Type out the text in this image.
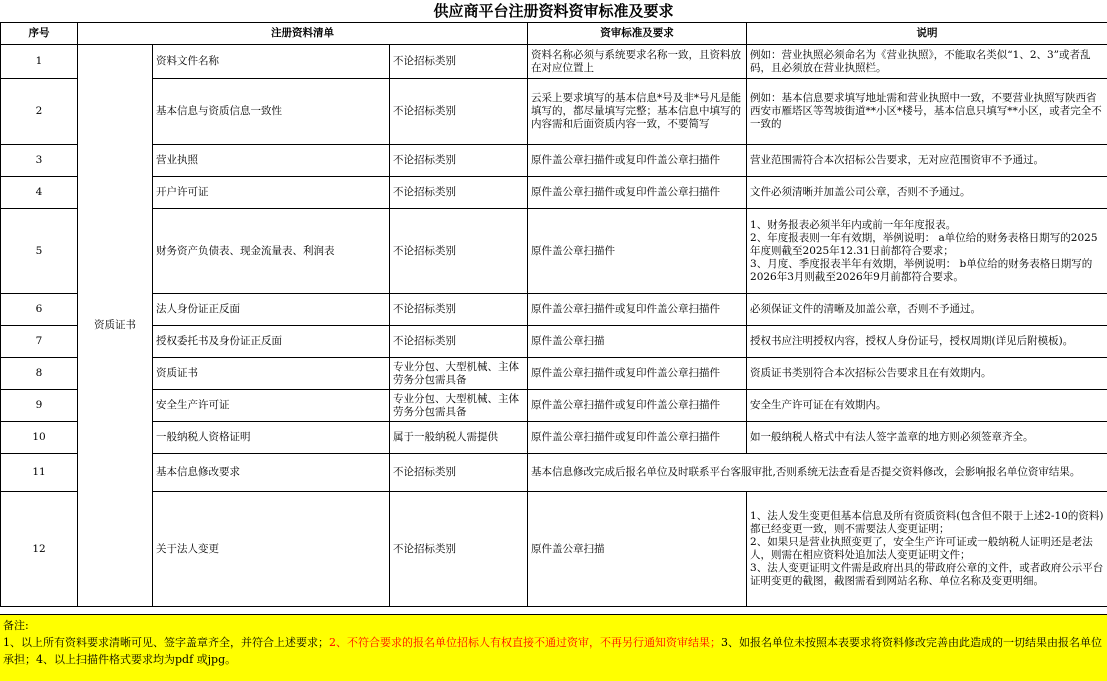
供应商平台注册资料资审标准及要求
序号	注册资料清单			资审标准及要求	说明
1	资质证书	资料文件名称	不论招标类别	资料名称必须与系统要求名称一致，且资料放在对应位置上	例如：营业执照必须命名为《营业执照》，不能取名类似“1、2、3”或者乱码，且必须放在营业执照栏。
2		基本信息与资质信息一致性	不论招标类别	云采上要求填写的基本信息*号及非*号凡是能填写的，都尽量填写完整；基本信息中填写的内容需和后面资质内容一致，不要简写	例如：基本信息要求填写地址需和营业执照中一致，不要营业执照写陕西省西安市雁塔区等驾坡街道**小区*楼号，基本信息只填写**小区，或者完全不一致的
3		营业执照	不论招标类别	原件盖公章扫描件或复印件盖公章扫描件	营业范围需符合本次招标公告要求，无对应范围资审不予通过。
4		开户许可证	不论招标类别	原件盖公章扫描件或复印件盖公章扫描件	文件必须清晰并加盖公司公章，否则不予通过。
5		财务资产负债表、现金流量表、利润表	不论招标类别	原件盖公章扫描件	1、财务报表必须半年内或前一年年度报表。
2、年度报表则一年有效期，举例说明： a单位给的财务表格日期写的2025年度则截至2025年12.31日前都符合要求；
3、月度、季度报表半年有效期，举例说明： b单位给的财务表格日期写的2026年3月则截至2026年9月前都符合要求。
6		法人身份证正反面	不论招标类别	原件盖公章扫描件或复印件盖公章扫描件	必须保证文件的清晰及加盖公章，否则不予通过。
7		授权委托书及身份证正反面	不论招标类别	原件盖公章扫描	授权书应注明授权内容，授权人身份证号，授权周期(详见后附模板)。
8		资质证书	专业分包、大型机械、主体劳务分包需具备	原件盖公章扫描件或复印件盖公章扫描件	资质证书类别符合本次招标公告要求且在有效期内。
9		安全生产许可证	专业分包、大型机械、主体劳务分包需具备	原件盖公章扫描件或复印件盖公章扫描件	安全生产许可证在有效期内。
10		一般纳税人资格证明	属于一般纳税人需提供	原件盖公章扫描件或复印件盖公章扫描件	如一般纳税人格式中有法人签字盖章的地方则必须签章齐全。
11		基本信息修改要求	不论招标类别	基本信息修改完成后报名单位及时联系平台客服审批,否则系统无法查看是否提交资料修改，会影响报名单位资审结果。	
12		关于法人变更	不论招标类别	原件盖公章扫描	1、法人发生变更但基本信息及所有资质资料(包含但不限于上述2-10的资料)都已经变更一致，则不需要法人变更证明；
2、如果只是营业执照变更了，安全生产许可证或一般纳税人证明还是老法人，则需在相应资料处追加法人变更证明文件；
3、法人变更证明文件需是政府出具的带政府公章的文件，或者政府公示平台证明变更的截图，截图需看到网站名称、单位名称及变更明细。
备注:
1、以上所有资料要求清晰可见、签字盖章齐全，并符合上述要求；2、不符合要求的报名单位招标人有权直接不通过资审，不再另行通知资审结果；3、如报名单位未按照本表要求将资料修改完善由此造成的一切结果由报名单位承担；4、以上扫描件格式要求均为pdf 或jpg。
